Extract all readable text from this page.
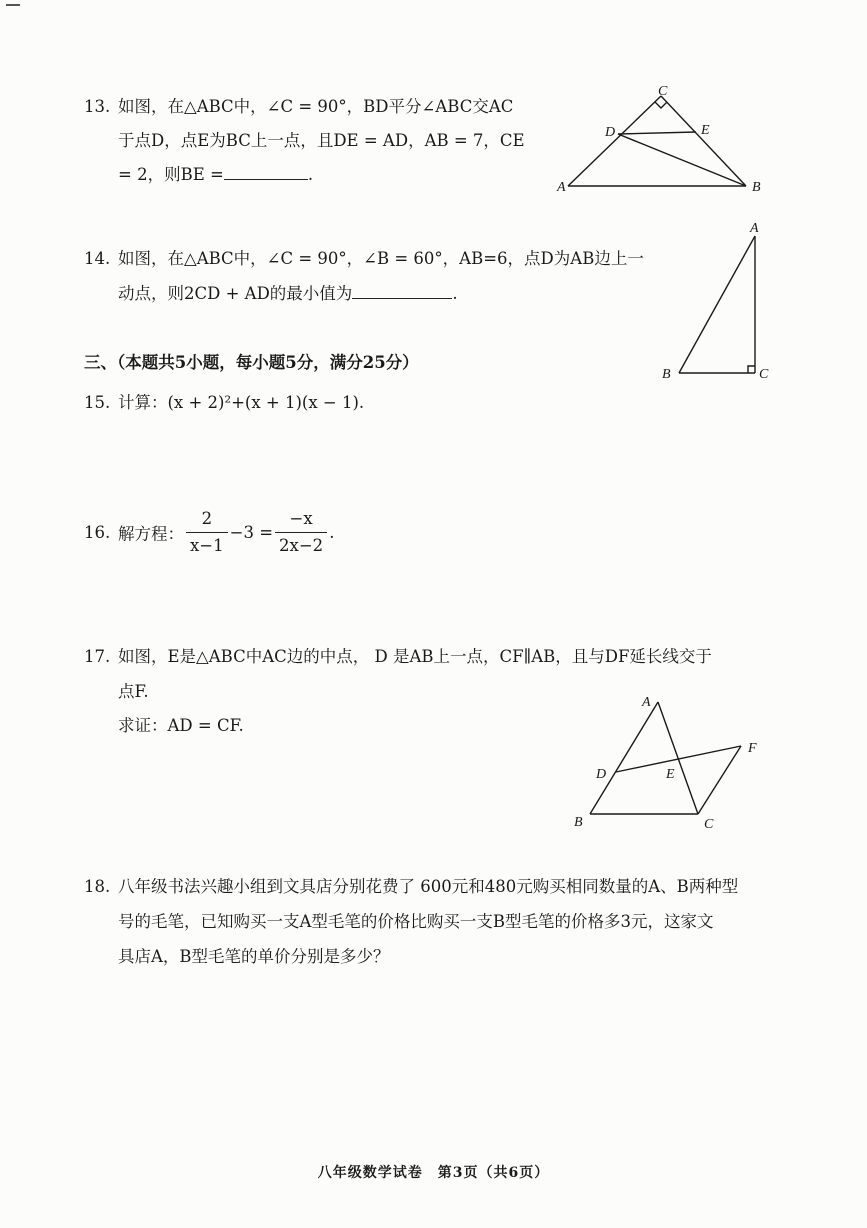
13. 如图，在△ABC中，∠C = 90°，BD平分∠ABC交AC
于点D，点E为BC上一点，且DE = AD，AB = 7，CE
= 2，则BE =	.
A	B
C
D	E
14. 如图，在△ABC中，∠C = 90°，∠B = 60°，AB=6，点D为AB边上一
动点，则2CD + AD的最小值为	.
A
B	C
三、（本题共5小题，每小题5分，满分25分）
15. 计算：(x + 2)²+(x + 1)(x − 1).
16. 解方程： $\frac{2}{x-1} -3 = \frac{-x}{2x-2}$ .
17. 如图，E是△ABC中AC边的中点， D 是AB上一点，CF∥AB，且与DF延长线交于
点F.
求证：AD = CF.
A
B	C
D	E
F
18. 八年级书法兴趣小组到文具店分别花费了 600元和480元购买相同数量的A、B两种型
号的毛笔，已知购买一支A型毛笔的价格比购买一支B型毛笔的价格多3元，这家文
具店A，B型毛笔的单价分别是多少？
八年级数学试卷　第3页（共6页）
